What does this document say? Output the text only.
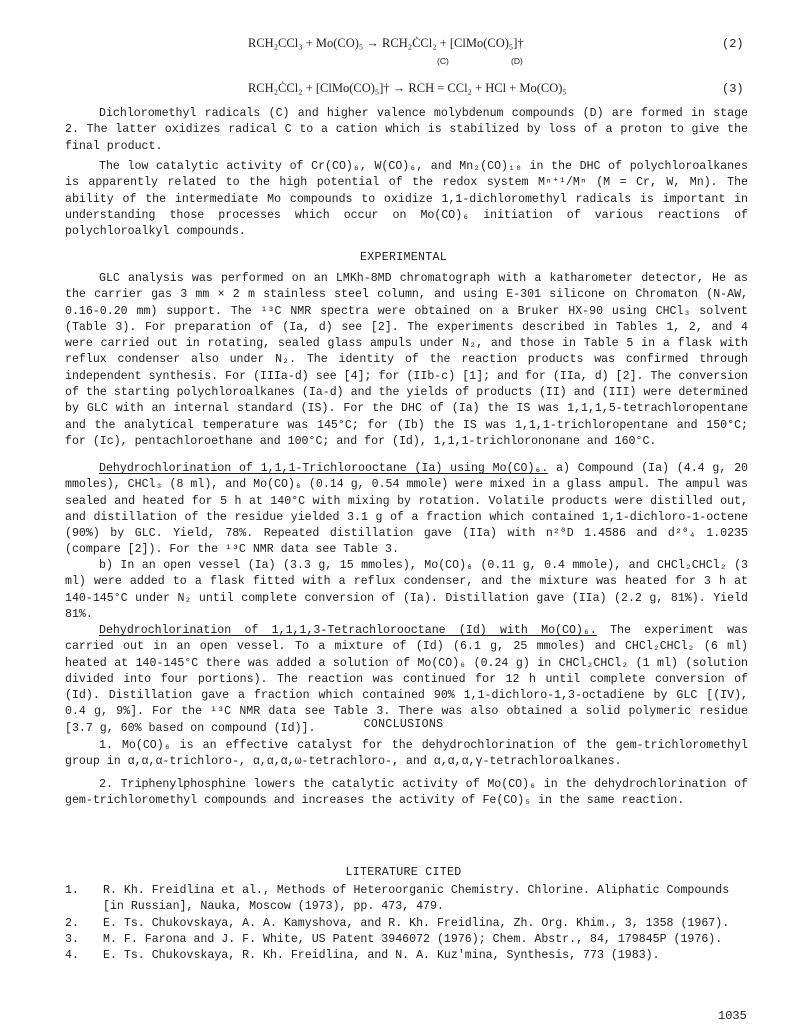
RCH₂CCl₃ + Mo(CO)₅ → RCH₂ĊCl₂ + [ClMo(CO)₅]†	(2)
(C)	(D)
RCH₂ĊCl₂ + [ClMo(CO)₅]† → RCH = CCl₂ + HCl + Mo(CO)₅	(3)

Dichloromethyl radicals (C) and higher valence molybdenum compounds (D) are formed in stage 2. The latter oxidizes radical C to a cation which is stabilized by loss of a proton to give the final product.

The low catalytic activity of Cr(CO)₆, W(CO)₆, and Mn₂(CO)₁₀ in the DHC of polychloroalkanes is apparently related to the high potential of the redox system Mⁿ⁺¹/Mⁿ (M = Cr, W, Mn). The ability of the intermediate Mo compounds to oxidize 1,1-dichloromethyl radicals is important in understanding those processes which occur on Mo(CO)₆ initiation of various reactions of polychloroalkyl compounds.

EXPERIMENTAL

GLC analysis was performed on an LMKh-8MD chromatograph with a katharometer detector, He as the carrier gas 3 mm × 2 m stainless steel column, and using E-301 silicone on Chromaton (N-AW, 0.16-0.20 mm) support. The ¹³C NMR spectra were obtained on a Bruker HX-90 using CHCl₃ solvent (Table 3). For preparation of (Ia, d) see [2]. The experiments described in Tables 1, 2, and 4 were carried out in rotating, sealed glass ampuls under N₂, and those in Table 5 in a flask with reflux condenser also under N₂. The identity of the reaction products was confirmed through independent synthesis. For (IIIa-d) see [4]; for (IIb-c) [1]; and for (IIa, d) [2]. The conversion of the starting polychloroalkanes (Ia-d) and the yields of products (II) and (III) were determined by GLC with an internal standard (IS). For the DHC of (Ia) the IS was 1,1,1,5-tetrachloropentane and the analytical temperature was 145°C; for (Ib) the IS was 1,1,1-trichloropentane and 150°C; for (Ic), pentachloroethane and 100°C; and for (Id), 1,1,1-trichlorononane and 160°C.

Dehydrochlorination of 1,1,1-Trichlorooctane (Ia) using Mo(CO)₆. a) Compound (Ia) (4.4 g, 20 mmoles), CHCl₃ (8 ml), and Mo(CO)₆ (0.14 g, 0.54 mmole) were mixed in a glass ampul. The ampul was sealed and heated for 5 h at 140°C with mixing by rotation. Volatile products were distilled out, and distillation of the residue yielded 3.1 g of a fraction which contained 1,1-dichloro-1-octene (90%) by GLC. Yield, 78%. Repeated distillation gave (IIa) with n²⁰D 1.4586 and d²⁰₄ 1.0235 (compare [2]). For the ¹³C NMR data see Table 3.

b) In an open vessel (Ia) (3.3 g, 15 mmoles), Mo(CO)₆ (0.11 g, 0.4 mmole), and CHCl₂CHCl₂ (3 ml) were added to a flask fitted with a reflux condenser, and the mixture was heated for 3 h at 140-145°C under N₂ until complete conversion of (Ia). Distillation gave (IIa) (2.2 g, 81%). Yield 81%.

Dehydrochlorination of 1,1,1,3-Tetrachlorooctane (Id) with Mo(CO)₆. The experiment was carried out in an open vessel. To a mixture of (Id) (6.1 g, 25 mmoles) and CHCl₂CHCl₂ (6 ml) heated at 140-145°C there was added a solution of Mo(CO)₆ (0.24 g) in CHCl₂CHCl₂ (1 ml) (solution divided into four portions). The reaction was continued for 12 h until complete conversion of (Id). Distillation gave a fraction which contained 90% 1,1-dichloro-1,3-octadiene by GLC [(IV), 0.4 g, 9%]. For the ¹³C NMR data see Table 3. There was also obtained a solid polymeric residue [3.7 g, 60% based on compound (Id)].	CONCLUSIONS

1. Mo(CO)₆ is an effective catalyst for the dehydrochlorination of the gem-trichloromethyl group in α,α,α-trichloro-, α,α,α,ω-tetrachloro-, and α,α,α,γ-tetrachloroalkanes.

2. Triphenylphosphine lowers the catalytic activity of Mo(CO)₆ in the dehydrochlorination of gem-trichloromethyl compounds and increases the activity of Fe(CO)₅ in the same reaction.

LITERATURE CITED

1. R. Kh. Freidlina et al., Methods of Heteroorganic Chemistry. Chlorine. Aliphatic Compounds [in Russian], Nauka, Moscow (1973), pp. 473, 479.
2. E. Ts. Chukovskaya, A. A. Kamyshova, and R. Kh. Freidlina, Zh. Org. Khim., 3, 1358 (1967).
3. M. F. Farona and J. F. White, US Patent 3946072 (1976); Chem. Abstr., 84, 179845P (1976).
4. E. Ts. Chukovskaya, R. Kh. Freidlina, and N. A. Kuz'mina, Synthesis, 773 (1983).
1035
